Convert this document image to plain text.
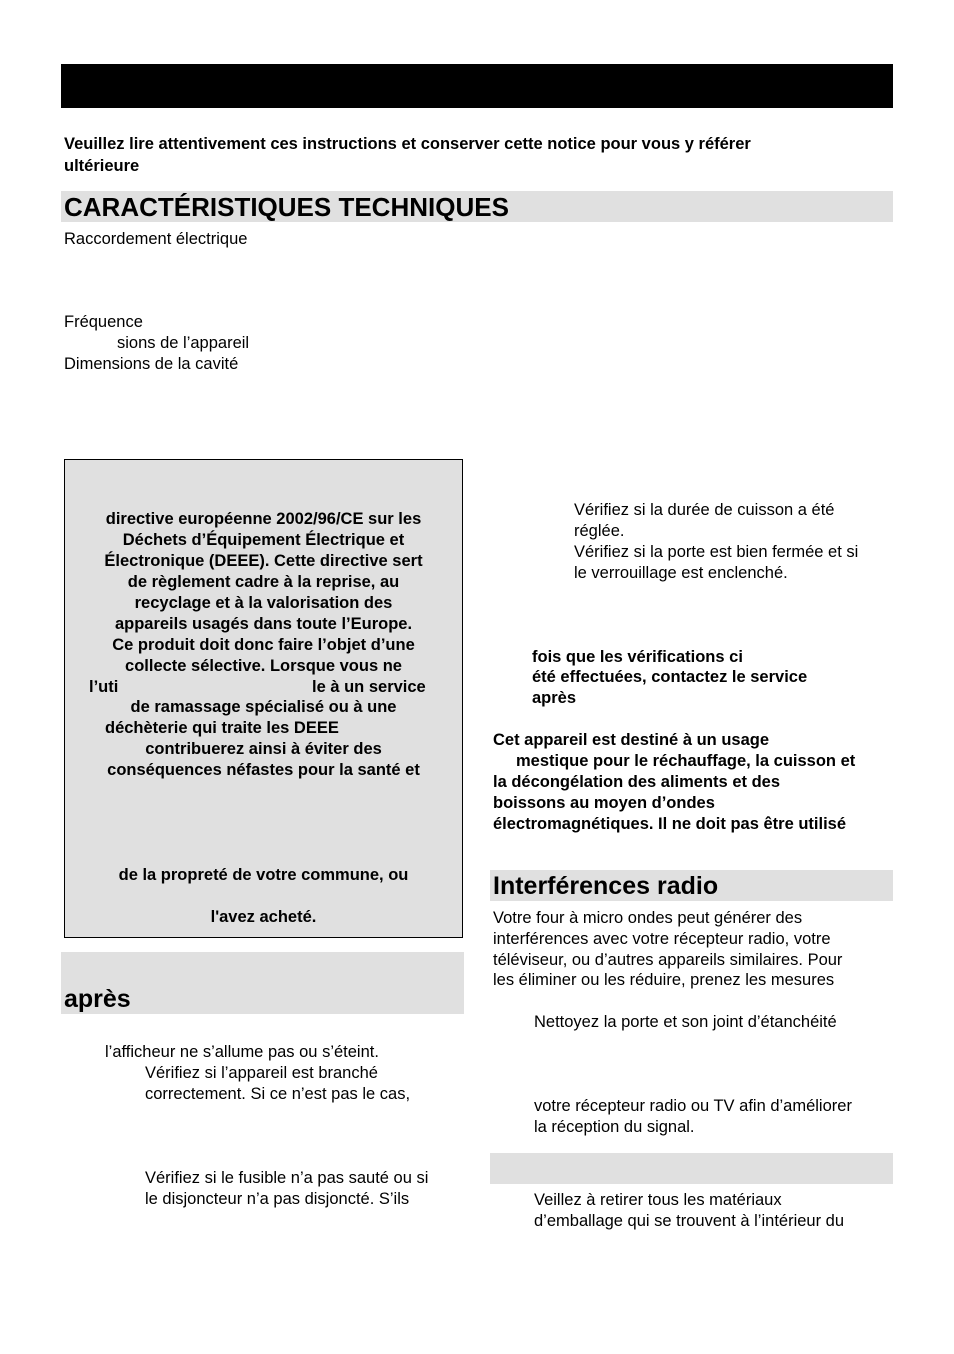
Veuillez lire attentivement ces instructions et conserver cette notice pour vous y référer
ultérieure
CARACTÉRISTIQUES TECHNIQUES
Raccordement électrique
Fréquence
sions de l’appareil
Dimensions de la cavité
directive européenne 2002/96/CE sur les
Déchets d’Équipement Électrique et
Électronique (DEEE). Cette directive sert
de règlement cadre à la reprise, au
recyclage et à la valorisation des
appareils usagés dans toute l’Europe.
Ce produit doit donc faire l’objet d’une
collecte sélective. Lorsque vous ne
l’uti	le à un service
de ramassage spécialisé ou à une
déchèterie qui traite les DEEE
contribuerez ainsi à éviter des
conséquences néfastes pour la santé et
de la propreté de votre commune, ou
l'avez acheté.
après
l’afficheur ne s’allume pas ou s’éteint.
Vérifiez si l’appareil est branché
correctement. Si ce n’est pas le cas,
Vérifiez si le fusible n’a pas sauté ou si
le disjoncteur n’a pas disjoncté. S’ils
Vérifiez si la durée de cuisson a été
réglée.
Vérifiez si la porte est bien fermée et si
le verrouillage est enclenché.
fois que les vérifications ci
été effectuées, contactez le service
après
Cet appareil est destiné à un usage
mestique pour le réchauffage, la cuisson et
la décongélation des aliments et des
boissons au moyen d’ondes
électromagnétiques. Il ne doit pas être utilisé
Interférences radio
Votre four à micro ondes peut générer des
interférences avec votre récepteur radio, votre
téléviseur, ou d’autres appareils similaires. Pour
les éliminer ou les réduire, prenez les mesures
Nettoyez la porte et son joint d’étanchéité
votre récepteur radio ou TV afin d’améliorer
la réception du signal.
Veillez à retirer tous les matériaux
d’emballage qui se trouvent à l’intérieur du
